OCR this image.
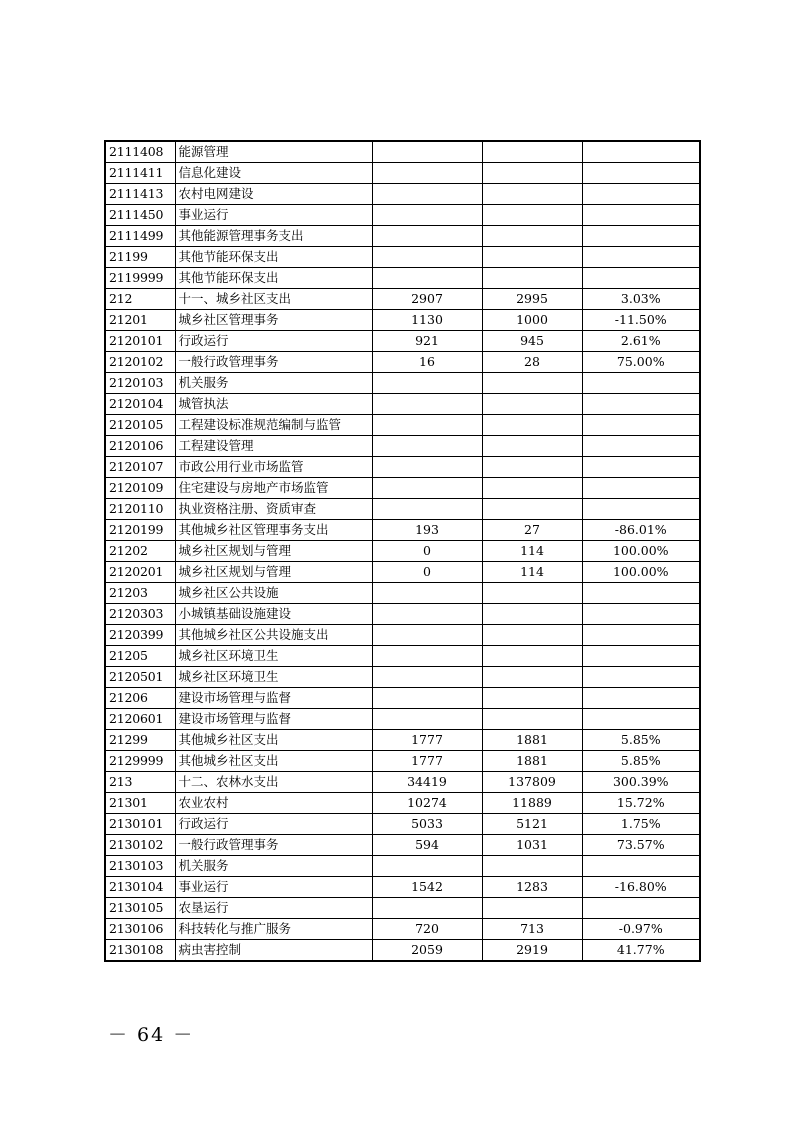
2111408	能源管理			
2111411	信息化建设			
2111413	农村电网建设			
2111450	事业运行			
2111499	其他能源管理事务支出			
21199	其他节能环保支出			
2119999	其他节能环保支出			
212	十一、城乡社区支出	2907	2995	3.03%
21201	城乡社区管理事务	1130	1000	-11.50%
2120101	行政运行	921	945	2.61%
2120102	一般行政管理事务	16	28	75.00%
2120103	机关服务			
2120104	城管执法			
2120105	工程建设标准规范编制与监管			
2120106	工程建设管理			
2120107	市政公用行业市场监管			
2120109	住宅建设与房地产市场监管			
2120110	执业资格注册、资质审查			
2120199	其他城乡社区管理事务支出	193	27	-86.01%
21202	城乡社区规划与管理	0	114	100.00%
2120201	城乡社区规划与管理	0	114	100.00%
21203	城乡社区公共设施			
2120303	小城镇基础设施建设			
2120399	其他城乡社区公共设施支出			
21205	城乡社区环境卫生			
2120501	城乡社区环境卫生			
21206	建设市场管理与监督			
2120601	建设市场管理与监督			
21299	其他城乡社区支出	1777	1881	5.85%
2129999	其他城乡社区支出	1777	1881	5.85%
213	十二、农林水支出	34419	137809	300.39%
21301	农业农村	10274	11889	15.72%
2130101	行政运行	5033	5121	1.75%
2130102	一般行政管理事务	594	1031	73.57%
2130103	机关服务			
2130104	事业运行	1542	1283	-16.80%
2130105	农垦运行			
2130106	科技转化与推广服务	720	713	-0.97%
2130108	病虫害控制	2059	2919	41.77%
－ 64 －
